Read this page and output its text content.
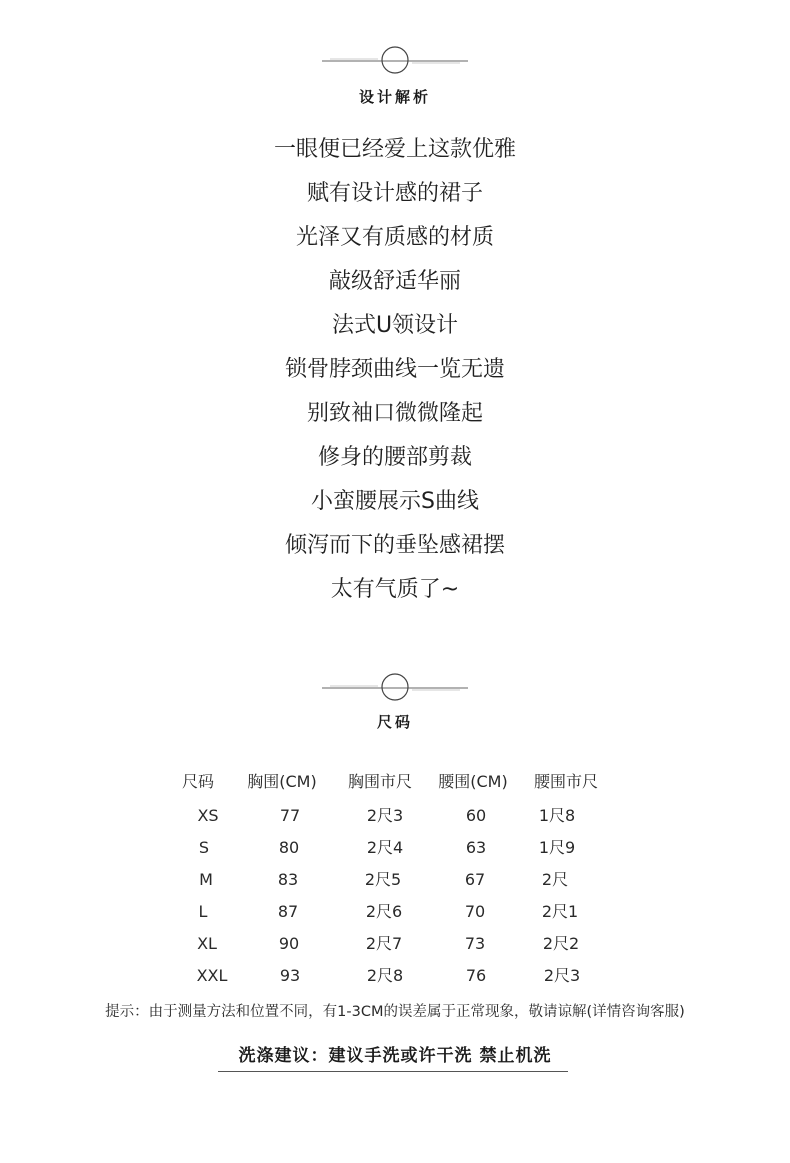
设计解析
一眼便已经爱上这款优雅
赋有设计感的裙子
光泽又有质感的材质
敲级舒适华丽
法式U领设计
锁骨脖颈曲线一览无遗
别致袖口微微隆起
修身的腰部剪裁
小蛮腰展示S曲线
倾泻而下的垂坠感裙摆
太有气质了~
尺码
尺码 胸围(CM) 胸围市尺 腰围(CM) 腰围市尺
XS	77	2尺3	60	1尺8
S	80	2尺4	63	1尺9
M	83	2尺5	67	2尺
L	87	2尺6	70	2尺1
XL	90	2尺7	73	2尺2
XXL	93	2尺8	76	2尺3
提示：由于测量方法和位置不同，有1-3CM的误差属于正常现象，敬请谅解(详情咨询客服)
洗涤建议：建议手洗或许干洗 禁止机洗
